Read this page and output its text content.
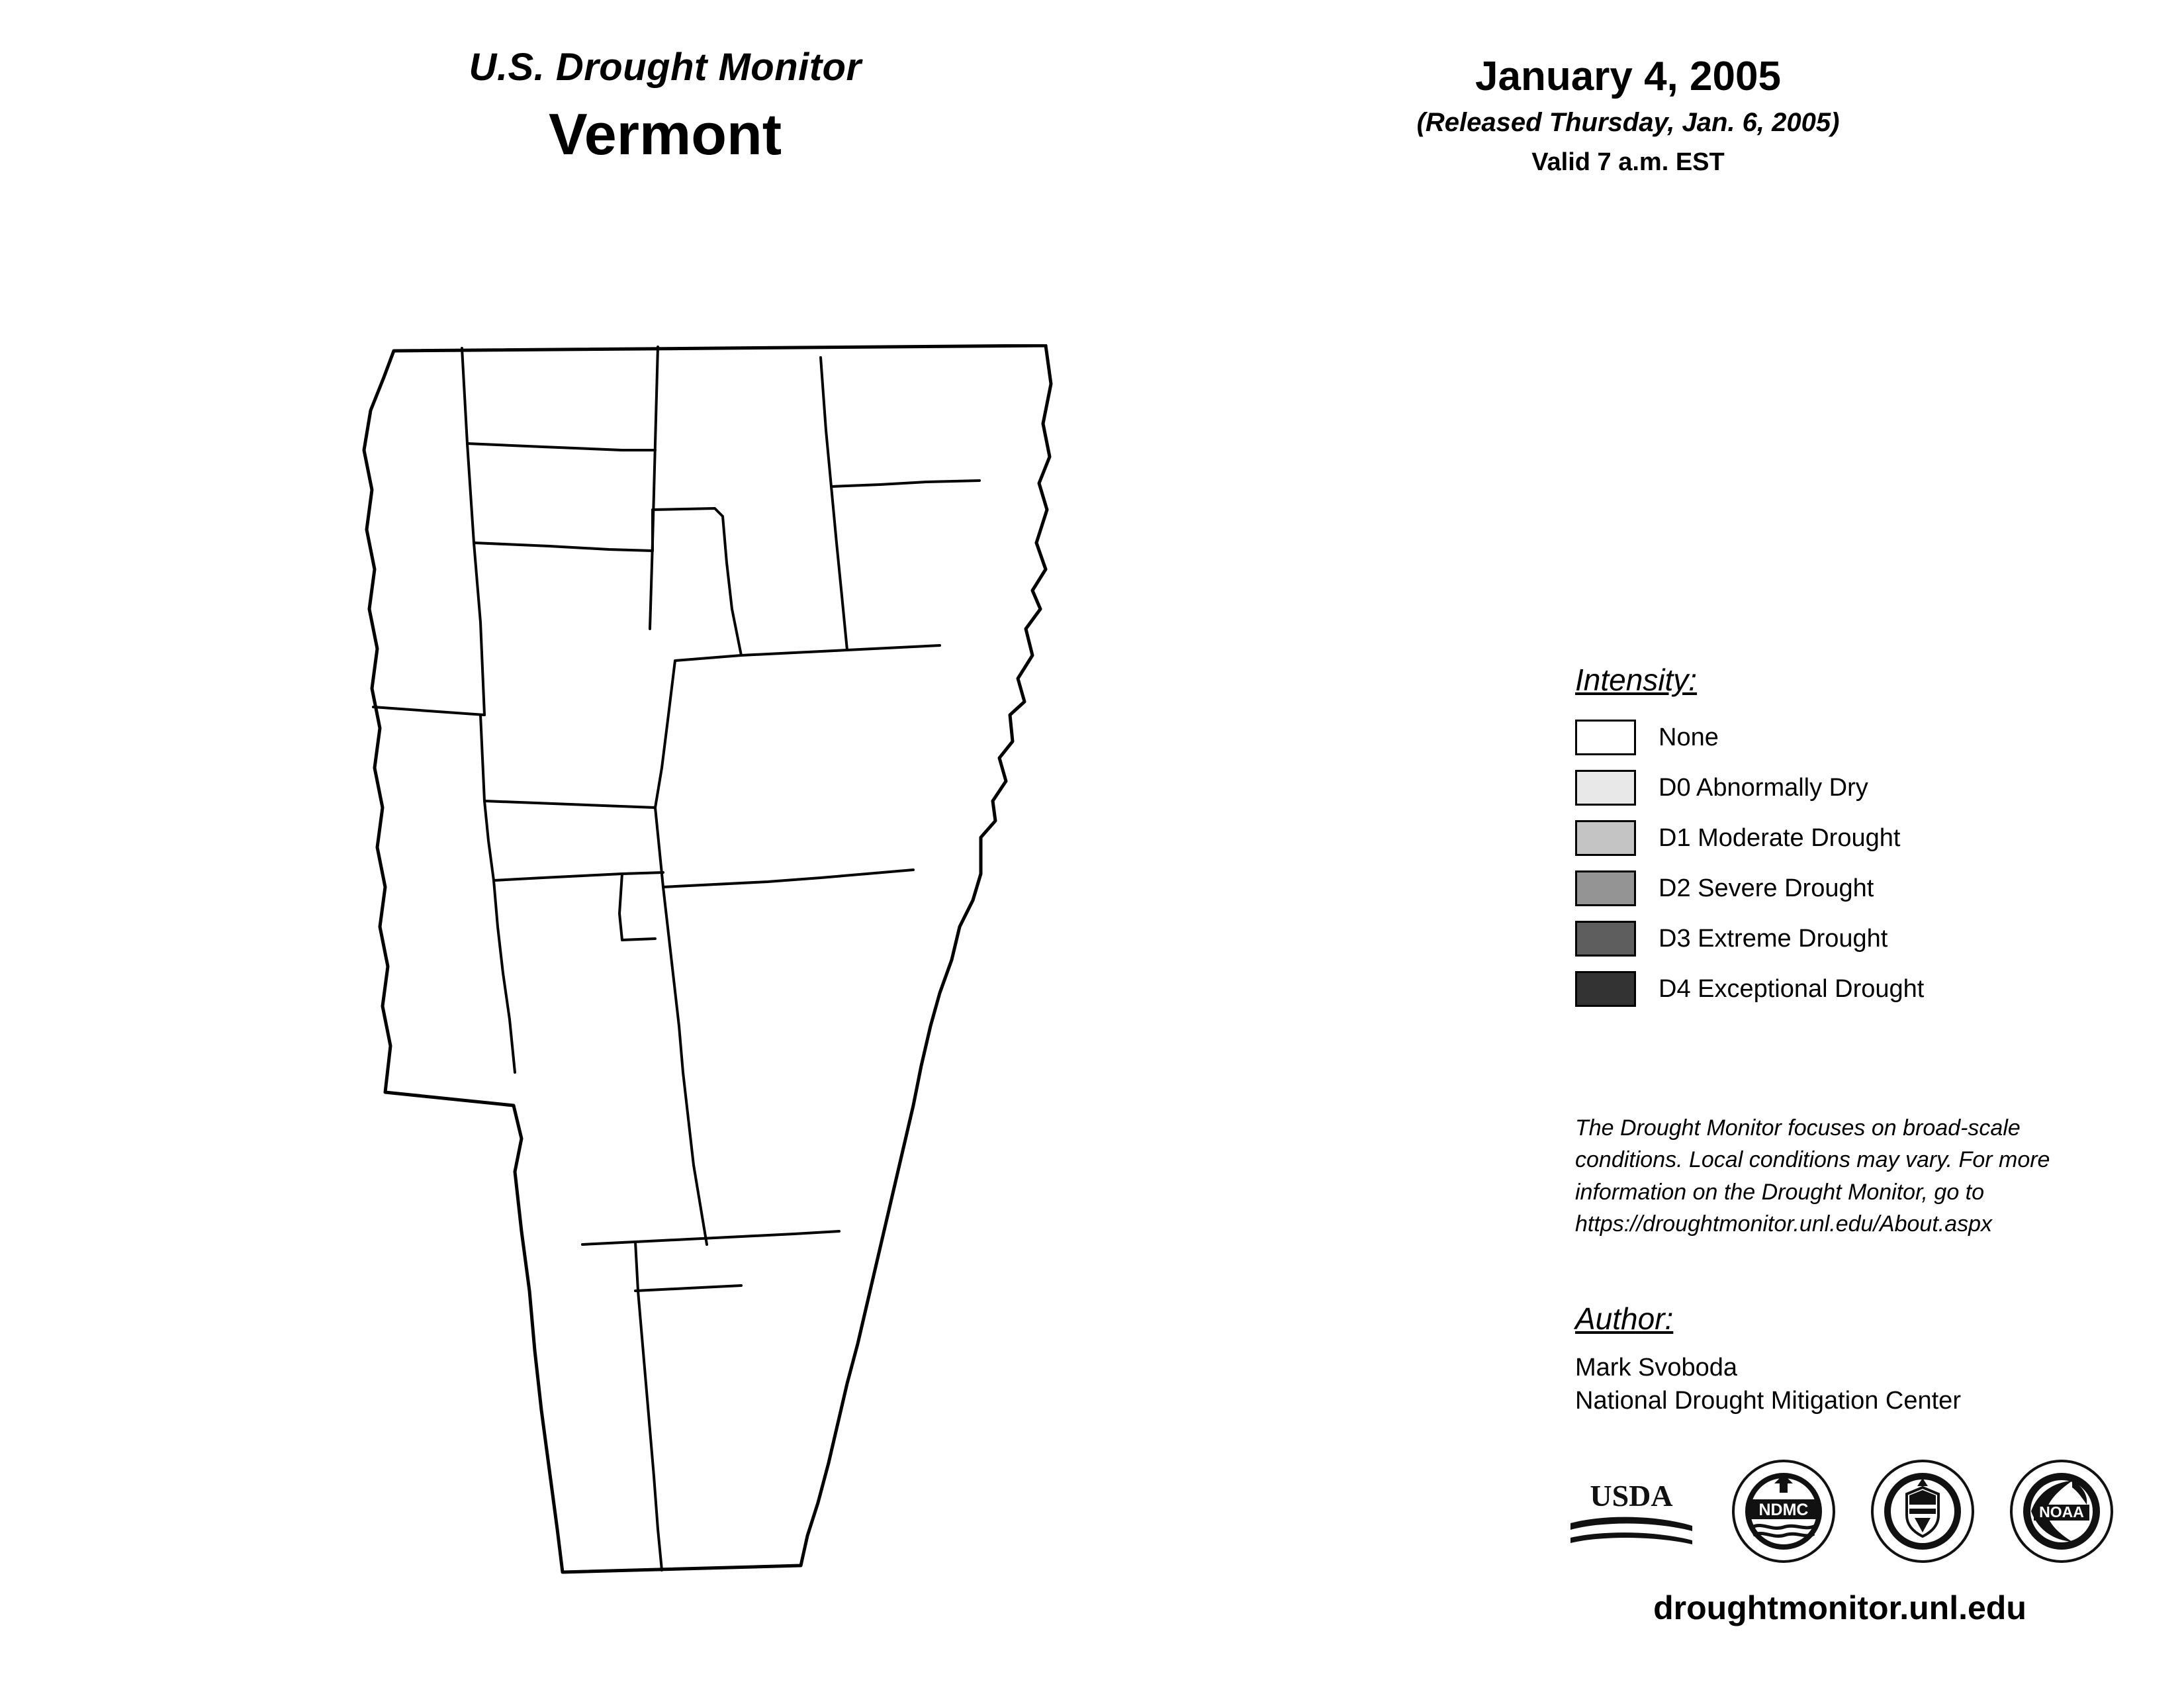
U.S. Drought Monitor
Vermont
January 4, 2005
(Released Thursday, Jan. 6, 2005)
Valid 7 a.m. EST
Intensity:
None
D0 Abnormally Dry
D1 Moderate Drought
D2 Severe Drought
D3 Extreme Drought
D4 Exceptional Drought
The Drought Monitor focuses on broad-scale conditions. Local conditions may vary. For more information on the Drought Monitor, go to https://droughtmonitor.unl.edu/About.aspx
Author:
Mark Svoboda
National Drought Mitigation Center
USDA	NDMC	NOAA
droughtmonitor.unl.edu
